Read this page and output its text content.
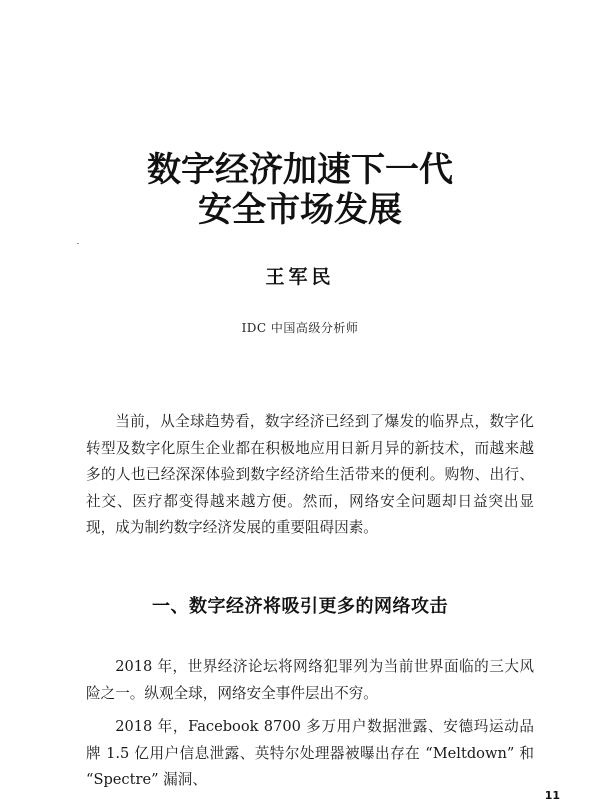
数字经济加速下一代
安全市场发展
王军民
IDC 中国高级分析师

当前，从全球趋势看，数字经济已经到了爆发的临界点，数字化转型及数字化原生企业都在积极地应用日新月异的新技术，而越来越多的人也已经深深体验到数字经济给生活带来的便利。购物、出行、社交、医疗都变得越来越方便。然而，网络安全问题却日益突出显现，成为制约数字经济发展的重要阻碍因素。

一、数字经济将吸引更多的网络攻击

2018 年，世界经济论坛将网络犯罪列为当前世界面临的三大风险之一。纵观全球，网络安全事件层出不穷。

2018 年，Facebook 8700 多万用户数据泄露、安德玛运动品牌 1.5 亿用户信息泄露、英特尔处理器被曝出存在 “Meltdown” 和 “Spectre” 漏洞、

11
